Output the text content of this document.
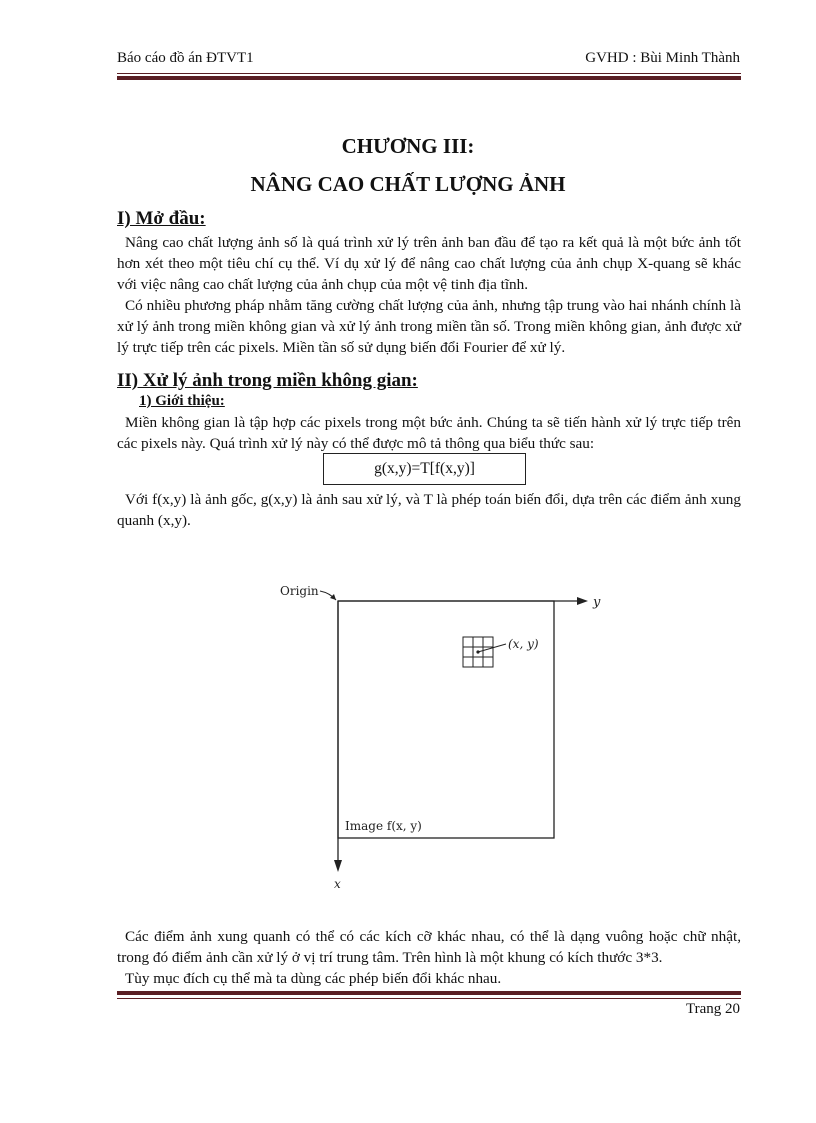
Báo cáo đồ án ĐTVT1	GVHD : Bùi Minh Thành
CHƯƠNG III:
NÂNG CAO CHẤT LƯỢNG ẢNH
I) Mở đầu:
Nâng cao chất lượng ảnh số là quá trình xử lý trên ảnh ban đầu để tạo ra kết quả là một bức ảnh tốt hơn xét theo một tiêu chí cụ thể. Ví dụ xử lý để nâng cao chất lượng của ảnh chụp X-quang sẽ khác với việc nâng cao chất lượng của ảnh chụp của một vệ tinh địa tĩnh.
Có nhiều phương pháp nhằm tăng cường chất lượng của ảnh, nhưng tập trung vào hai nhánh chính là xử lý ảnh trong miền không gian và xử lý ảnh trong miền tần số. Trong miền không gian, ảnh được xử lý trực tiếp trên các pixels. Miền tần số sử dụng biến đổi Fourier để xử lý.
II) Xử lý ảnh trong miền không gian:
1) Giới thiệu:
Miền không gian là tập hợp các pixels trong một bức ảnh. Chúng ta sẽ tiến hành xử lý trực tiếp trên các pixels này. Quá trình xử lý này có thể được mô tả thông qua biểu thức sau:
g(x,y)=T[f(x,y)]
Với f(x,y) là ảnh gốc, g(x,y) là ảnh sau xử lý, và T là phép toán biến đổi, dựa trên các điểm ảnh xung quanh (x,y).
Origin
y
x
Image f(x, y)
(x, y)
Các điểm ảnh xung quanh có thể có các kích cỡ khác nhau, có thể là dạng vuông hoặc chữ nhật, trong đó điểm ảnh cần xử lý ở vị trí trung tâm. Trên hình là một khung có kích thước 3*3.
Tùy mục đích cụ thể mà ta dùng các phép biến đổi khác nhau.
Trang 20
